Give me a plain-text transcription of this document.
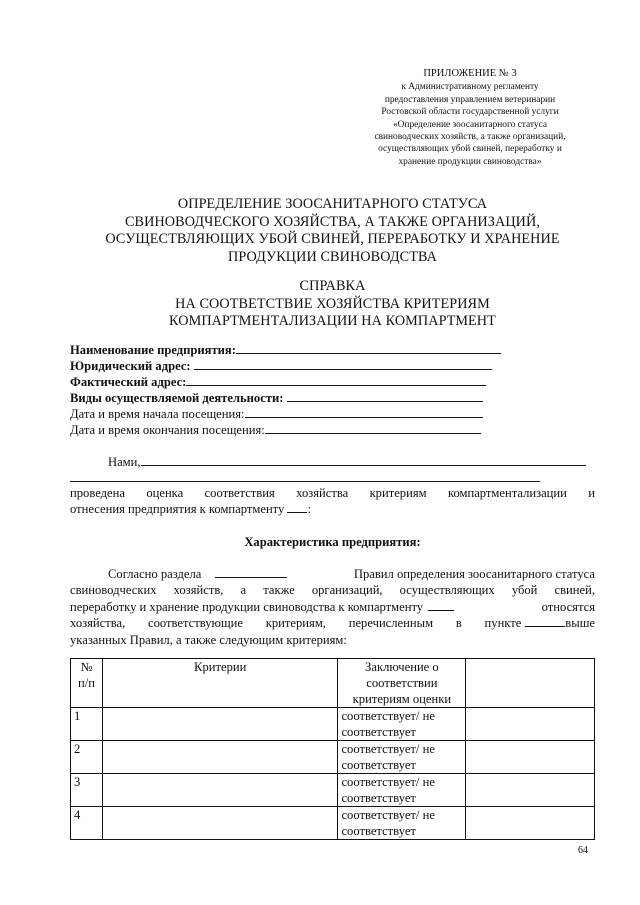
ПРИЛОЖЕНИЕ № 3
к Административному регламенту
предоставления управлением ветеринарии
Ростовской области государственной услуги
«Определение зоосанитарного статуса
свиноводческих хозяйств, а также организаций,
осуществляющих убой свиней, переработку и
хранение продукции свиноводства»
ОПРЕДЕЛЕНИЕ ЗООСАНИТАРНОГО СТАТУСА
СВИНОВОДЧЕСКОГО ХОЗЯЙСТВА, А ТАКЖЕ ОРГАНИЗАЦИЙ,
ОСУЩЕСТВЛЯЮЩИХ УБОЙ СВИНЕЙ, ПЕРЕРАБОТКУ И ХРАНЕНИЕ
ПРОДУКЦИИ СВИНОВОДСТВА
СПРАВКА
НА СООТВЕТСТВИЕ ХОЗЯЙСТВА КРИТЕРИЯМ
КОМПАРТМЕНТАЛИЗАЦИИ НА КОМПАРТМЕНТ
Наименование предприятия:
Юридический адрес:
Фактический адрес:
Виды осуществляемой деятельности:
Дата и время начала посещения:
Дата и время окончания посещения:
Нами,
проведена оценка соответствия хозяйства критериям компартментализации и
отнесения предприятия к компартменту :
Характеристика предприятия:
Согласно раздела	Правил определения зоосанитарного статуса
свиноводческих хозяйств, а также организаций, осуществляющих убой свиней,
переработку и хранение продукции свиноводства к компартменту	относятся
хозяйства, соответствующие критериям, перечисленным в пункте	выше
указанных Правил, а также следующим критериям:
№ п/п	Критерии	Заключение о соответствии критериям оценки	
1		соответствует/ не соответствует	
2		соответствует/ не соответствует	
3		соответствует/ не соответствует	
4		соответствует/ не соответствует	
64
